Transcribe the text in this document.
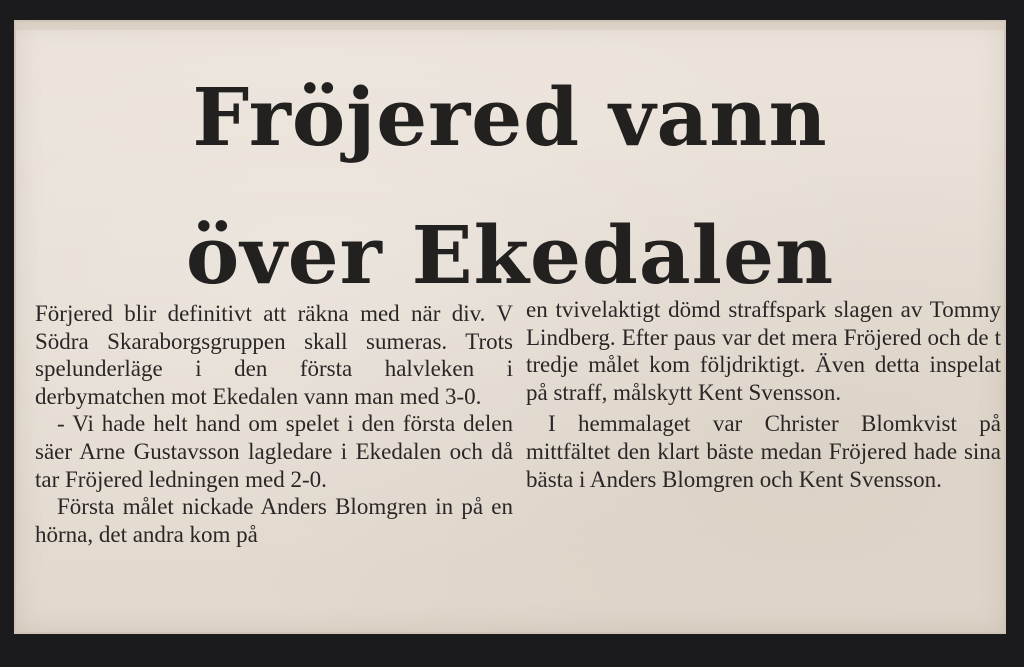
Fröjered vann
över Ekedalen

Förjered blir definitivt att räkna med när div. V Södra Skaraborgsgruppen skall sumeras. Trots spelunderläge i den första halvleken i derbymatchen mot Ekedalen vann man med 3-0.

- Vi hade helt hand om spelet i den första delen säer Arne Gustavsson lagledare i Ekedalen och då tar Fröjered ledningen med 2-0.

Första målet nickade Anders Blomgren in på en hörna, det andra kom på

en tvivelaktigt dömd straffspark slagen av Tommy Lindberg. Efter paus var det mera Fröjered och de t tredje målet kom följdriktigt. Även detta inspelat på straff, målskytt Kent Svensson.

I hemmalaget var Christer Blomkvist på mittfältet den klart bäste medan Fröjered hade sina bästa i Anders Blomgren och Kent Svensson.
